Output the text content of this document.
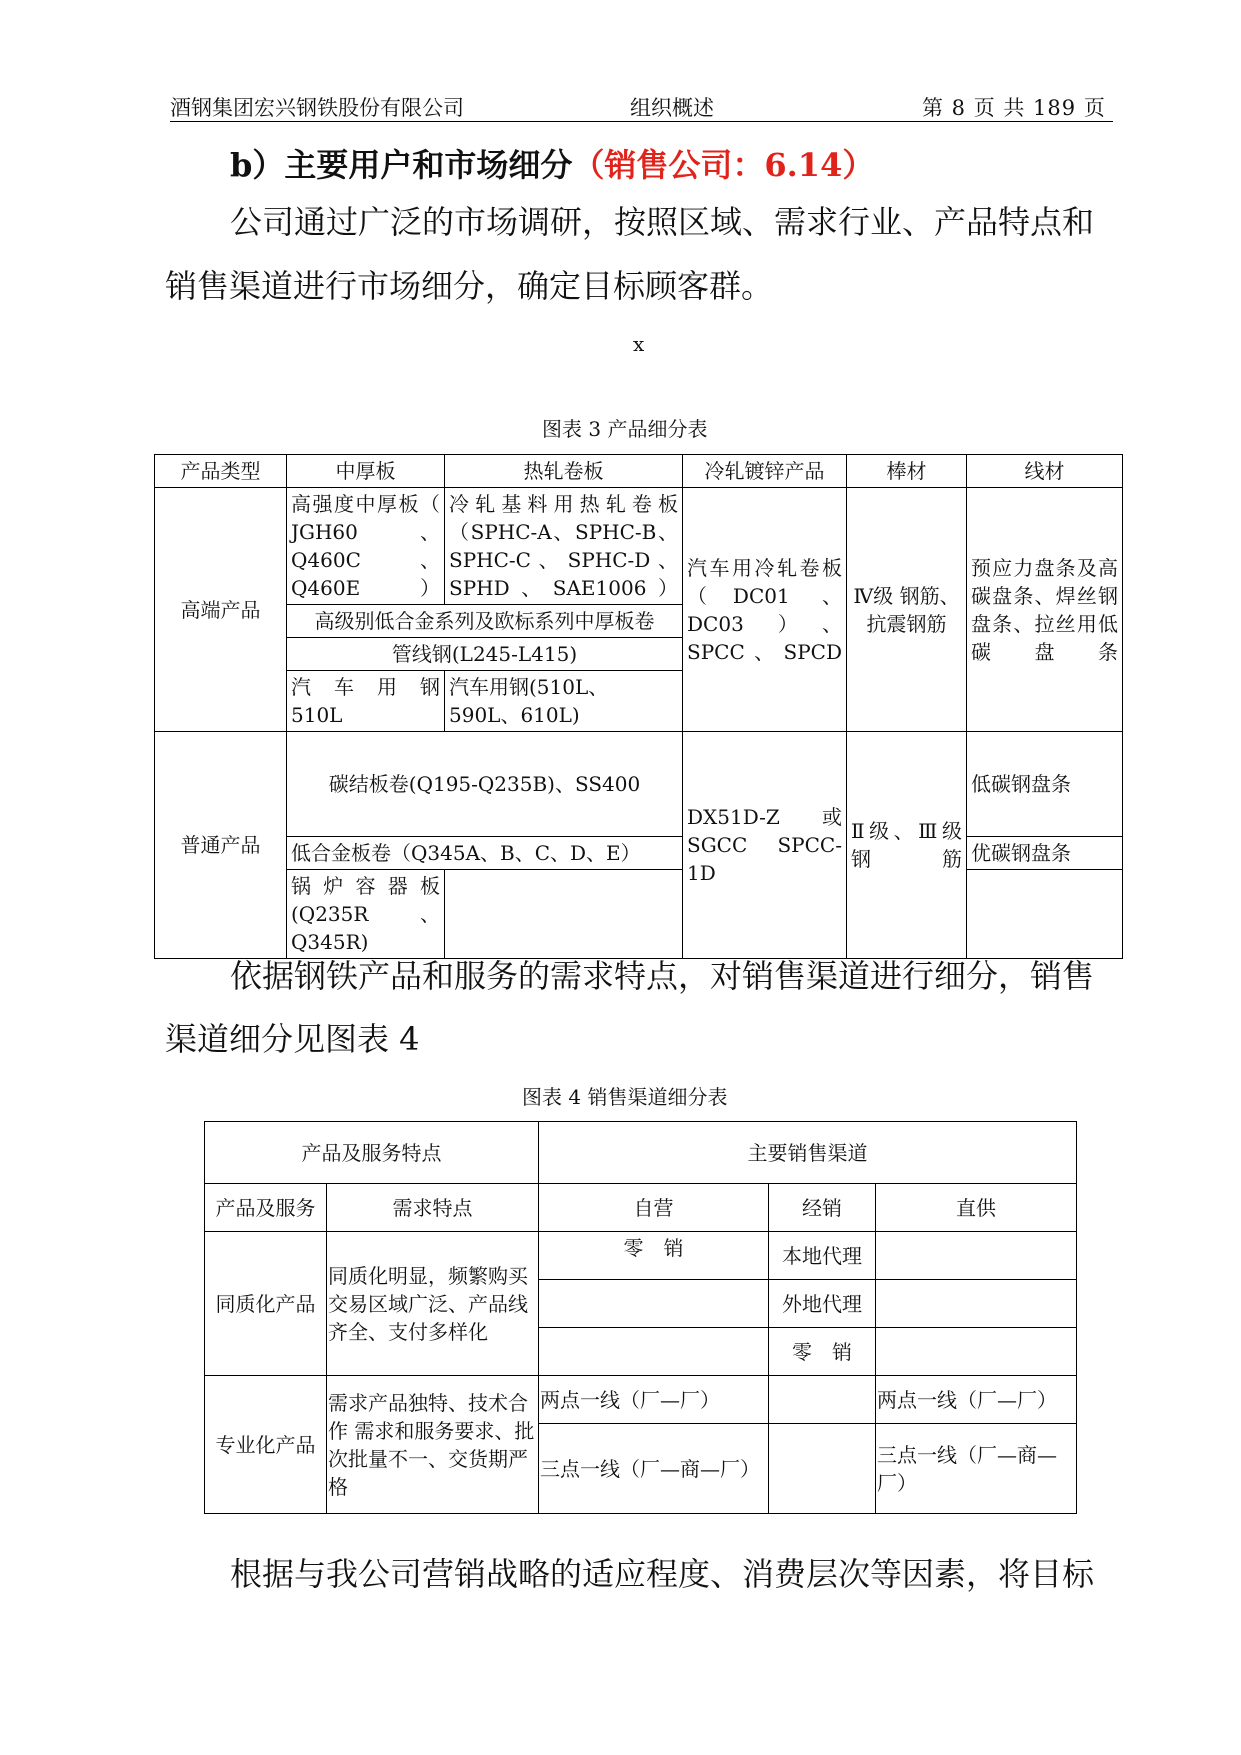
酒钢集团宏兴钢铁股份有限公司	组织概述	第 8 页 共 189 页
b）主要用户和市场细分（销售公司：6.14）
公司通过广泛的市场调研，按照区域、需求行业、产品特点和
销售渠道进行市场细分，确定目标顾客群。
x
图表 3 产品细分表
产品类型	中厚板	热轧卷板	冷轧镀锌产品	棒材	线材
高端产品	高强度中厚板（ JGH60 、Q460C、Q460E）	冷轧基料用热轧卷板（SPHC-A、SPHC-B、SPHC-C 、 SPHC-D 、SPHD、SAE1006）	汽车用冷轧卷板（DC01 、DC03）、SPCC、SPCD	Ⅳ级 钢筋、抗震钢筋	预应力盘条及高碳盘条、焊丝钢盘条、拉丝用低碳盘条
	高级别低合金系列及欧标系列中厚板卷				
	管线钢(L245-L415)				
	汽 车 用 钢510L	汽车用钢(510L、590L、610L)			
普通产品	碳结板卷(Q195-Q235B)、SS400		DX51D-Z 或SGCC SPCC-1D	Ⅱ级、Ⅲ级钢筋	低碳钢盘条
	低合金板卷（Q345A、B、C、D、E）				优碳钢盘条
	锅炉容器板(Q235R、Q345R)				
依据钢铁产品和服务的需求特点，对销售渠道进行细分，销售
渠道细分见图表 4
图表 4 销售渠道细分表
产品及服务特点		主要销售渠道		
产品及服务	需求特点	自营	经销	直供
同质化产品	同质化明显，频繁购买交易区域广泛、产品线齐全、支付多样化	零　销	本地代理	
			外地代理	
			零　销	
专业化产品	需求产品独特、技术合作 需求和服务要求、批次批量不一、交货期严格	两点一线（厂—厂）		两点一线（厂—厂）
		三点一线（厂—商—厂）		三点一线（厂—商—厂）
根据与我公司营销战略的适应程度、消费层次等因素，将目标
